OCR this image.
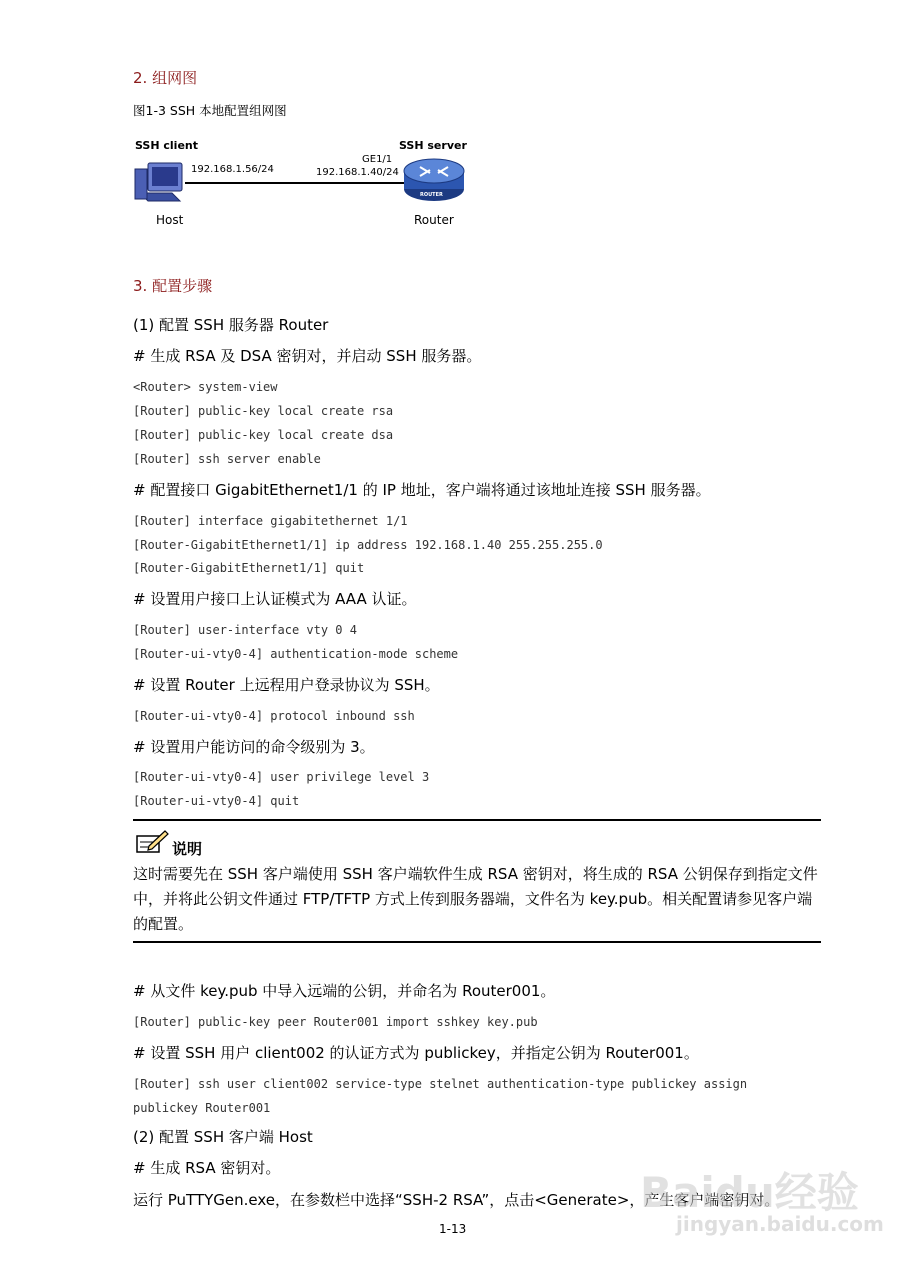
2. 组网图
图1-3 SSH 本地配置组网图
SSH client	SSH server
192.168.1.56/24
GE1/1
192.168.1.40/24
ROUTER
Host	Router
3. 配置步骤
(1) 配置 SSH 服务器 Router
# 生成 RSA 及 DSA 密钥对，并启动 SSH 服务器。
<Router> system-view
[Router] public-key local create rsa
[Router] public-key local create dsa
[Router] ssh server enable
# 配置接口 GigabitEthernet1/1 的 IP 地址，客户端将通过该地址连接 SSH 服务器。
[Router] interface gigabitethernet 1/1
[Router-GigabitEthernet1/1] ip address 192.168.1.40 255.255.255.0
[Router-GigabitEthernet1/1] quit
# 设置用户接口上认证模式为 AAA 认证。
[Router] user-interface vty 0 4
[Router-ui-vty0-4] authentication-mode scheme
# 设置 Router 上远程用户登录协议为 SSH。
[Router-ui-vty0-4] protocol inbound ssh
# 设置用户能访问的命令级别为 3。
[Router-ui-vty0-4] user privilege level 3
[Router-ui-vty0-4] quit
说明
这时需要先在 SSH 客户端使用 SSH 客户端软件生成 RSA 密钥对，将生成的 RSA 公钥保存到指定文件中，并将此公钥文件通过 FTP/TFTP 方式上传到服务器端，文件名为 key.pub。相关配置请参见客户端的配置。
# 从文件 key.pub 中导入远端的公钥，并命名为 Router001。
[Router] public-key peer Router001 import sshkey key.pub
# 设置 SSH 用户 client002 的认证方式为 publickey，并指定公钥为 Router001。
[Router] ssh user client002 service-type stelnet authentication-type publickey assign
publickey Router001
(2) 配置 SSH 客户端 Host
# 生成 RSA 密钥对。
运行 PuTTYGen.exe，在参数栏中选择“SSH-2 RSA”，点击<Generate>，产生客户端密钥对。
1-13
Baidu经验
jingyan.baidu.com
